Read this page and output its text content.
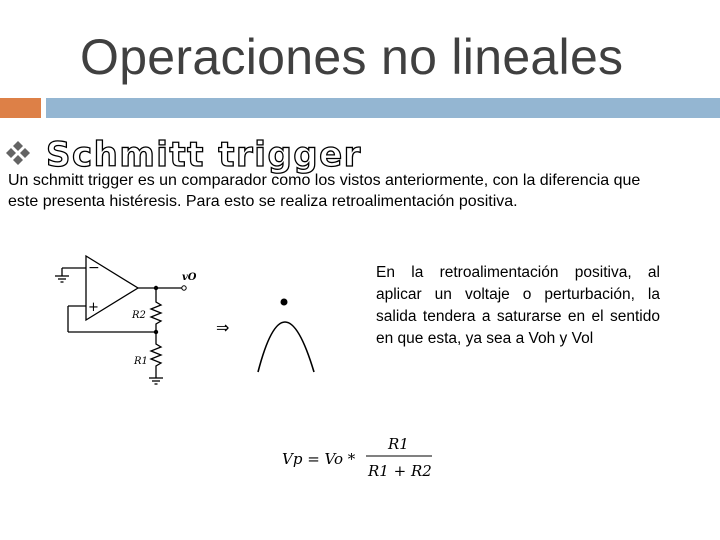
Operaciones no lineales
Schmitt trigger
Un schmitt trigger es un comparador como los vistos anteriormente, con la diferencia que este presenta histéresis. Para esto se realiza retroalimentación positiva.
−
+
vO
R2
R1
⇒
En la retroalimentación positiva, al aplicar un voltaje o perturbación, la salida tendera a saturarse en el sentido en que esta, ya sea a Voh y Vol
Vp = Vo *
R1
R1 + R2
